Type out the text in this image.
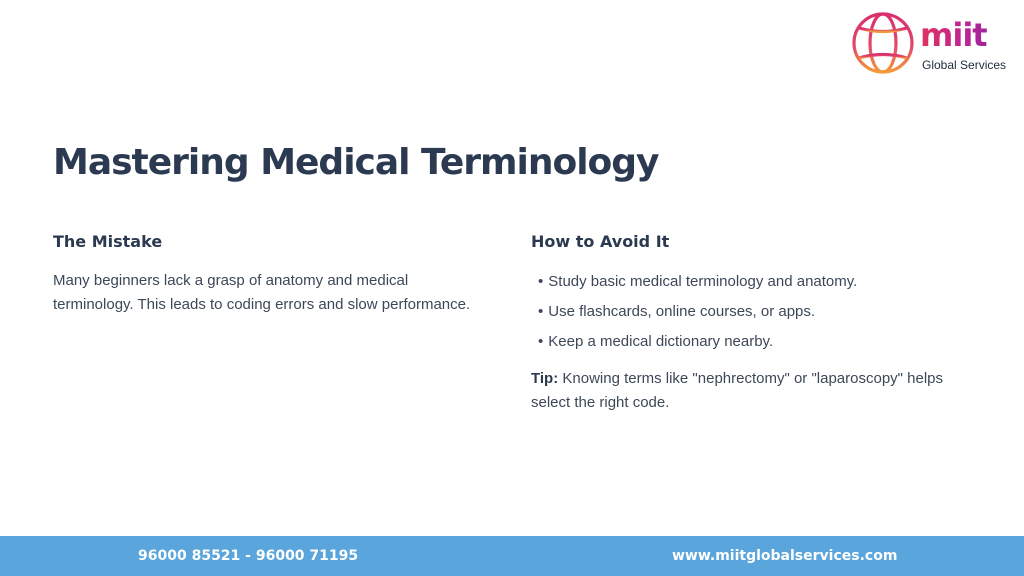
miit
Global Services
Mastering Medical Terminology
The Mistake

Many beginners lack a grasp of anatomy and medical terminology. This leads to coding errors and slow performance.

How to Avoid It
• Study basic medical terminology and anatomy.
• Use flashcards, online courses, or apps.
• Keep a medical dictionary nearby.

Tip: Knowing terms like "nephrectomy" or "laparoscopy" helps select the right code.

96000 85521 - 96000 71195	www.miitglobalservices.com
